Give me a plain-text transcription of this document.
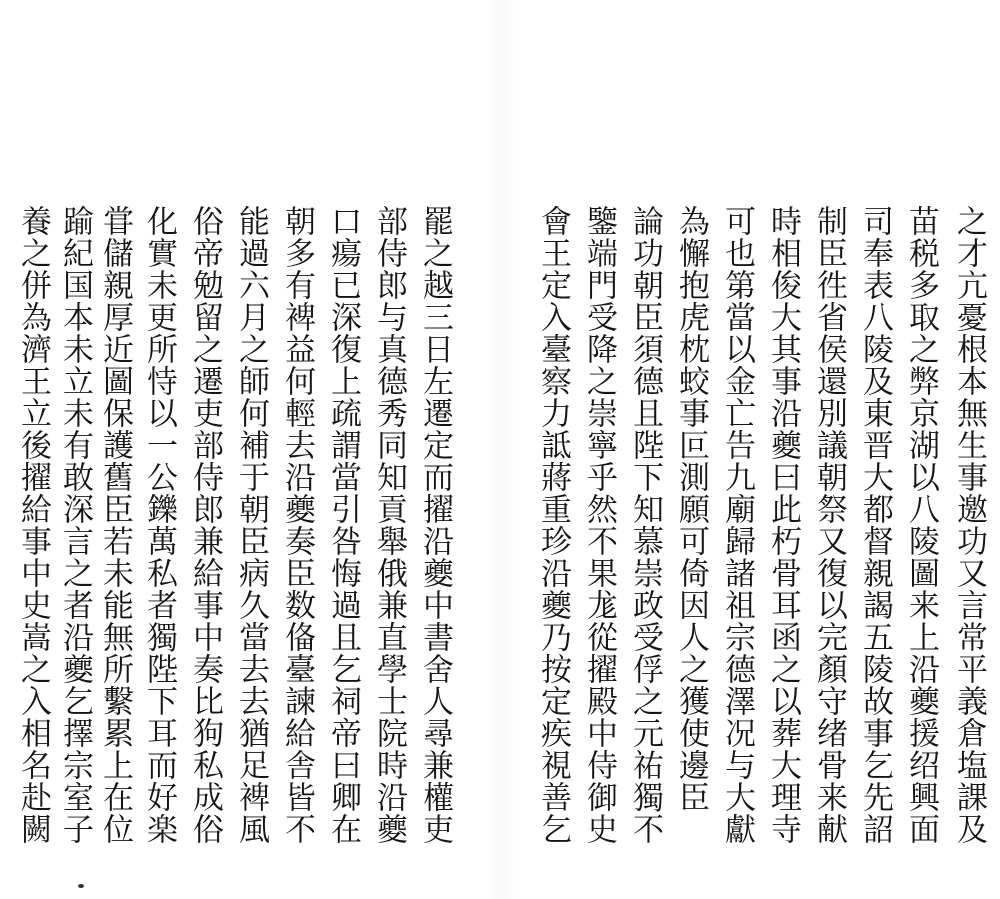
之才亢憂根本無生事邀功又言常平義倉塩課及
苗税多取之弊京湖以八陵圖来上沿夔援绍興面
司奉表八陵及東晋大都督親謁五陵故事乞先詔
制臣徃省侯還別議朝祭又復以完顏守绪骨来献
時相俊大其事沿夔曰此朽骨耳函之以葬大理寺
可也第當以金亡告九廟歸諸祖宗德澤况与大獻
為懈抱虎枕蛟事叵測願可倚因人之獲使邊臣
論功朝臣須德且陛下知慕崇政受俘之元祐獨不
鑒端門受降之崇寧乎然不果尨從擢殿中侍御史
會王定入臺察力詆蔣重珍沿夔乃按定疾視善乞
罷之越三日左遷定而擢沿夔中書舍人尋兼權吏
部侍郎与真德秀同知貢舉俄兼直學士院時沿夔
口瘍已深復上疏謂當引咎悔過且乞祠帝曰卿在
朝多有裨益何輕去沿夔奏臣数俻臺諫給舎皆不
能過六月之師何補于朝臣病久當去去猶足裨風
俗帝勉留之遷吏部侍郎兼給事中奏比狗私成俗
化實未更所恃以一公鑠萬私者獨陛下耳而好楽
甞儲親厚近圖保護舊臣若未能無所繫累上在位
踰紀国本未立未有敢深言之者沿夔乞擇宗室子
養之併為濟王立後擢給事中史嵩之入相名赴闕
